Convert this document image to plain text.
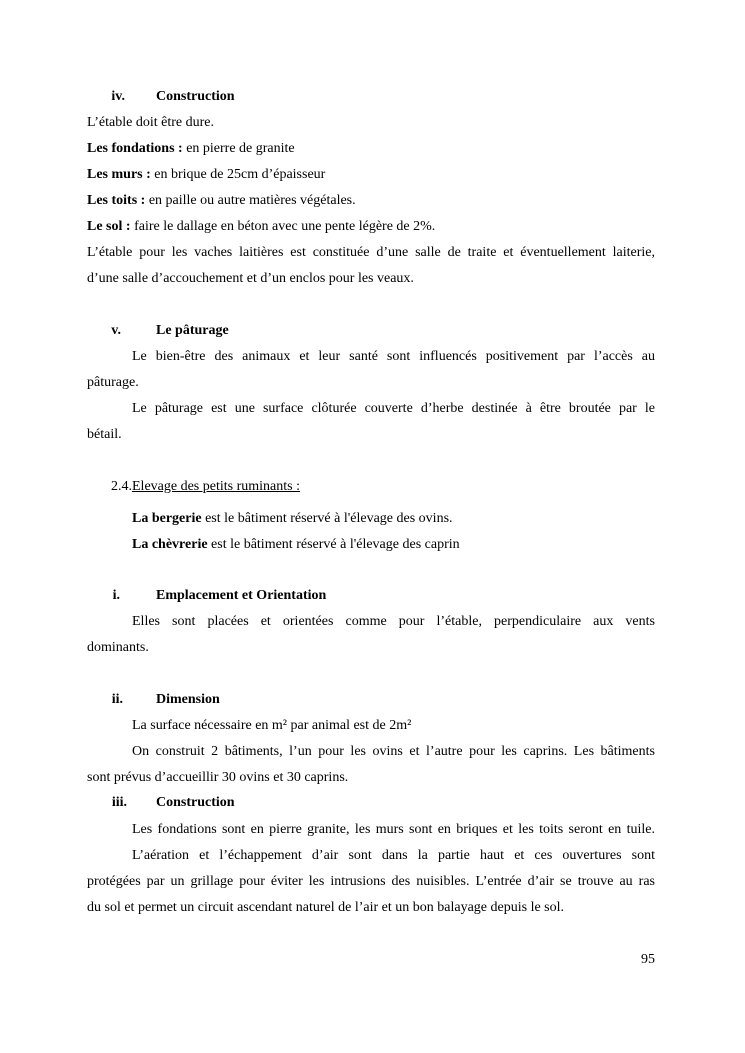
iv. Construction
L’étable doit être dure.
Les fondations : en pierre de granite
Les murs : en brique de 25cm d’épaisseur
Les toits : en paille ou autre matières végétales.
Le sol : faire le dallage en béton avec une pente légère de 2%.
L’étable pour les vaches laitières est constituée d’une salle de traite et éventuellement laiterie,
d’une salle d’accouchement et d’un enclos pour les veaux.
v.	Le pâturage
Le bien-être des animaux et leur santé sont influencés positivement par l’accès au
pâturage.
Le pâturage est une surface clôturée couverte d’herbe destinée à être broutée par le
bétail.
2.4.Elevage des petits ruminants :
La bergerie est le bâtiment réservé à l'élevage des ovins.
La chèvrerie est le bâtiment réservé à l'élevage des caprin
i.	Emplacement et Orientation
Elles sont placées et orientées comme pour l’étable, perpendiculaire aux vents
dominants.
ii. Dimension
La surface nécessaire en m² par animal est de 2m²
On construit 2 bâtiments, l’un pour les ovins et l’autre pour les caprins. Les bâtiments
sont prévus d’accueillir 30 ovins et 30 caprins.
iii. Construction
Les fondations sont en pierre granite, les murs sont en briques et les toits seront en tuile.
L’aération et l’échappement d’air sont dans la partie haut et ces ouvertures sont
protégées par un grillage pour éviter les intrusions des nuisibles. L’entrée d’air se trouve au ras
du sol et permet un circuit ascendant naturel de l’air et un bon balayage depuis le sol.
95
